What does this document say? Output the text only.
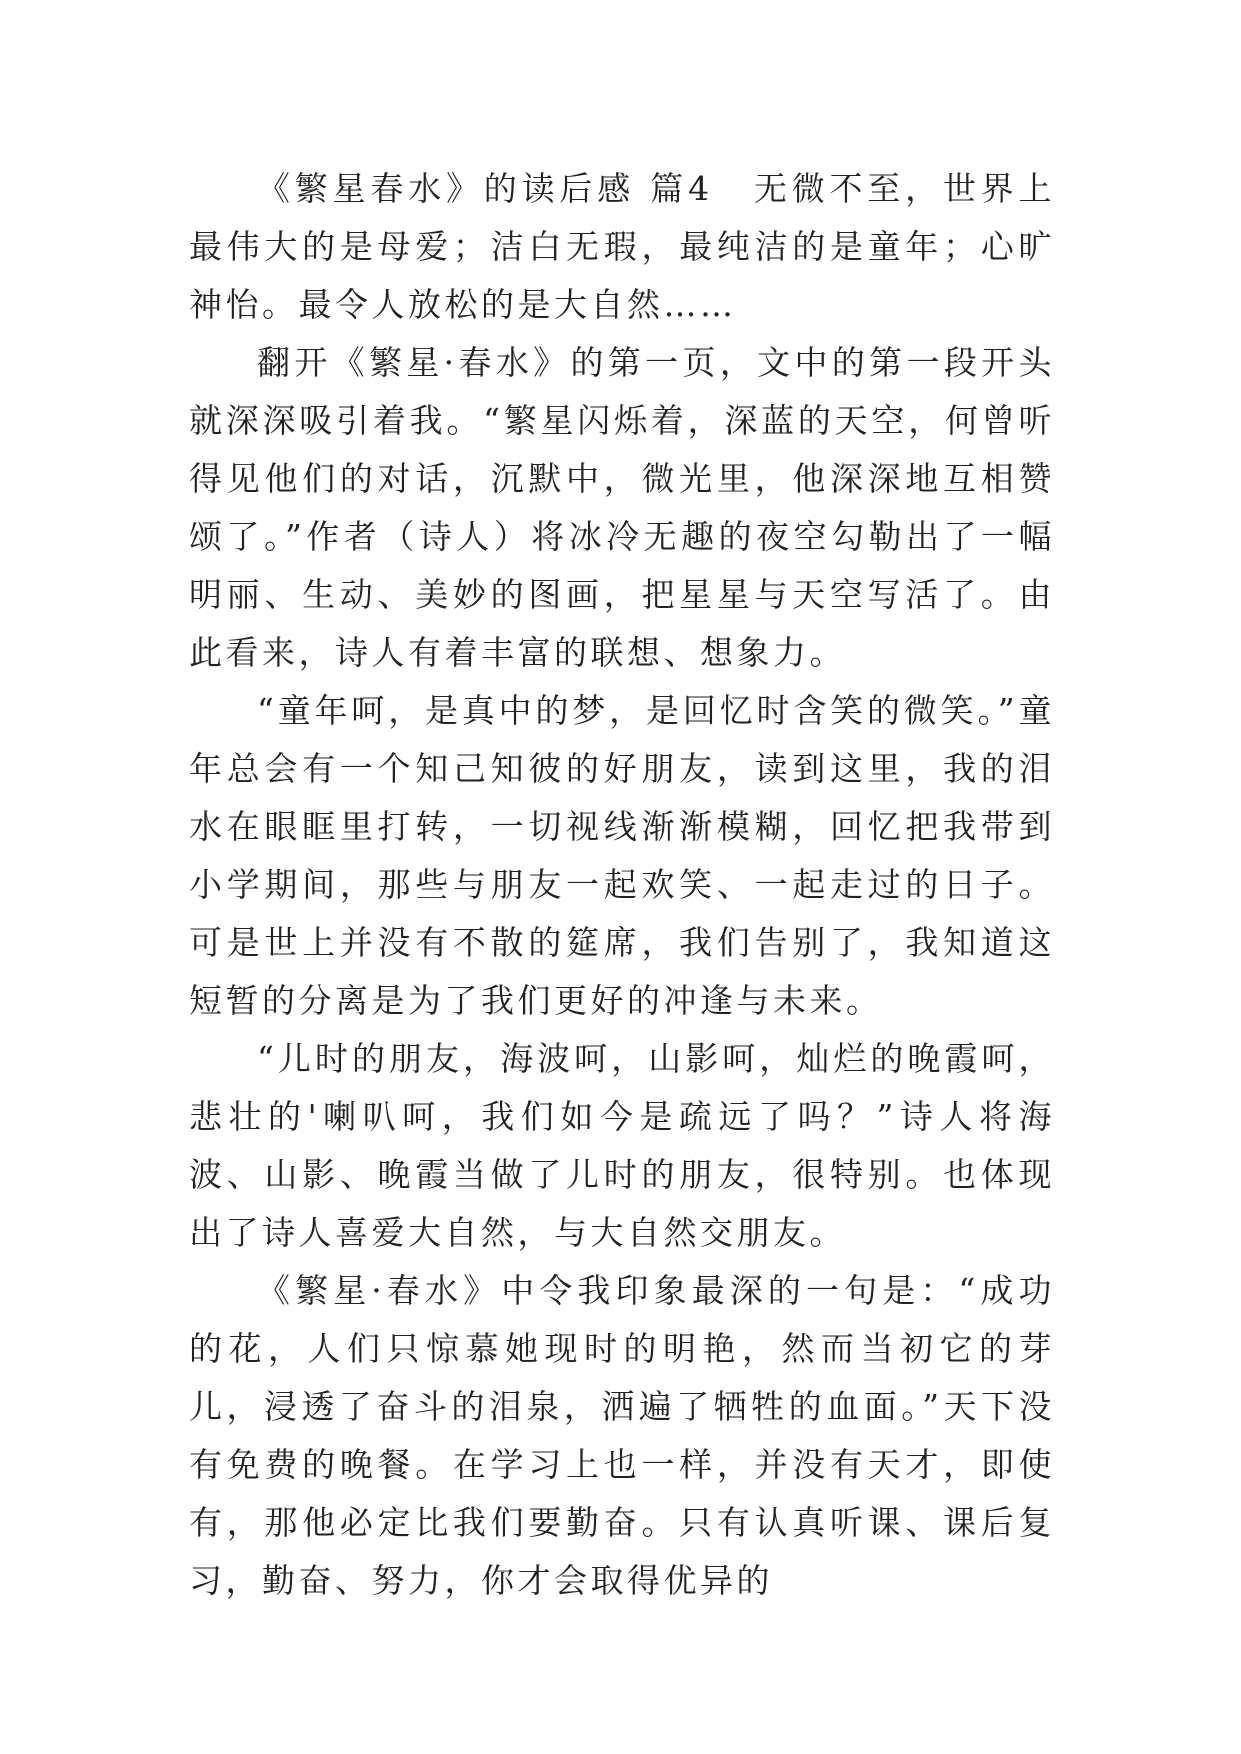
《繁星春水》的读后感 篇4 无微不至，世界上最伟大的是母爱；洁白无瑕，最纯洁的是童年；心旷神怡。最令人放松的是大自然……

翻开《繁星·春水》的第一页，文中的第一段开头就深深吸引着我。“繁星闪烁着，深蓝的天空，何曾听得见他们的对话，沉默中，微光里，他深深地互相赞颂了。”作者（诗人）将冰冷无趣的夜空勾勒出了一幅明丽、生动、美妙的图画，把星星与天空写活了。由此看来，诗人有着丰富的联想、想象力。

“童年呵，是真中的梦，是回忆时含笑的微笑。”童年总会有一个知己知彼的好朋友，读到这里，我的泪水在眼眶里打转，一切视线渐渐模糊，回忆把我带到小学期间，那些与朋友一起欢笑、一起走过的日子。可是世上并没有不散的筵席，我们告别了，我知道这短暂的分离是为了我们更好的冲逢与未来。

“儿时的朋友，海波呵，山影呵，灿烂的晚霞呵，悲壮的'喇叭呵，我们如今是疏远了吗？”诗人将海波、山影、晚霞当做了儿时的朋友，很特别。也体现出了诗人喜爱大自然，与大自然交朋友。

《繁星·春水》中令我印象最深的一句是：“成功的花，人们只惊慕她现时的明艳，然而当初它的芽儿，浸透了奋斗的泪泉，洒遍了牺牲的血面。”天下没有免费的晚餐。在学习上也一样，并没有天才，即使有，那他必定比我们要勤奋。只有认真听课、课后复习，勤奋、努力，你才会取得优异的
